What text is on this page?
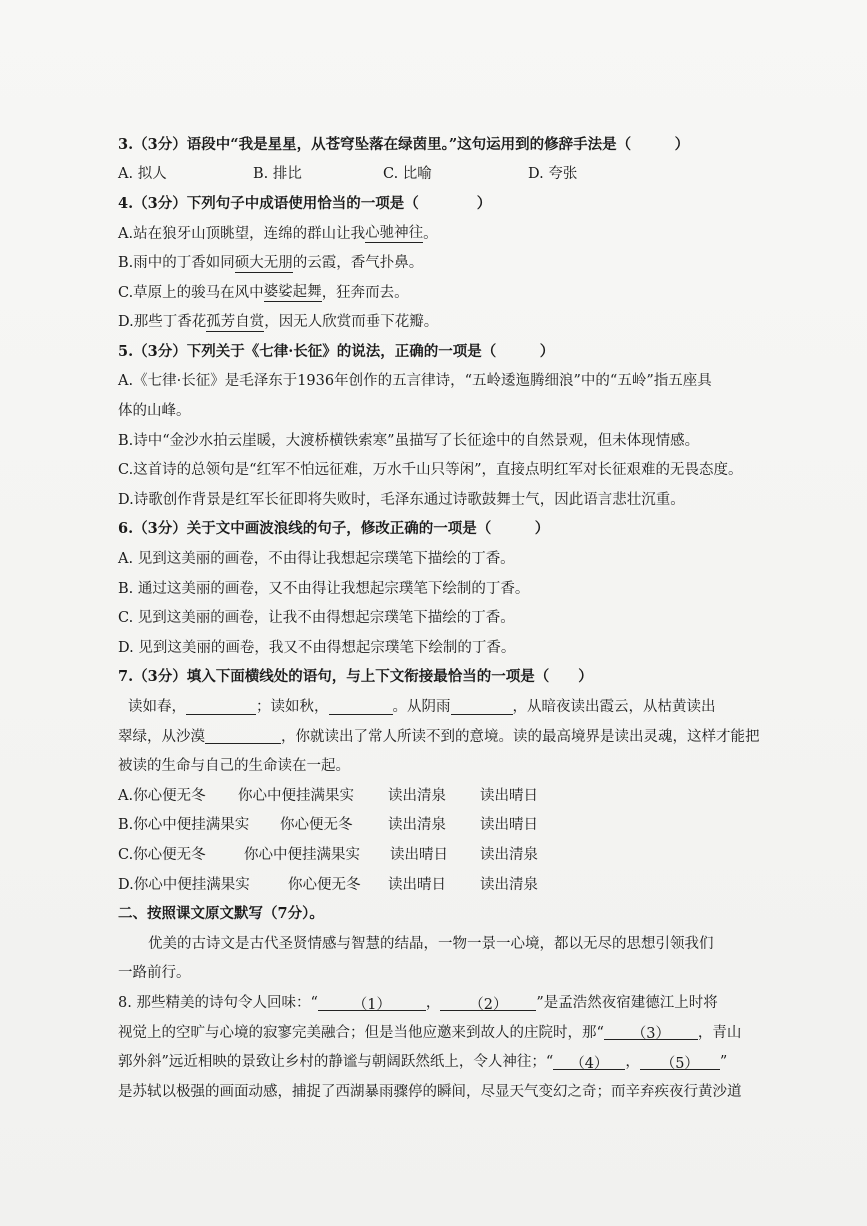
3.（3分）语段中“我是星星，从苍穹坠落在绿茵里。”这句运用到的修辞手法是（　　　）
A. 拟人	B. 排比	C. 比喻	D. 夸张
4.（3分）下列句子中成语使用恰当的一项是（　　　　）
A.站在狼牙山顶眺望，连绵的群山让我 心驰神往 。
B.雨中的丁香如同 硕大无朋 的云霞，香气扑鼻。
C.草原上的骏马在风中 婆娑起舞 ，狂奔而去。
D.那些丁香花 孤芳自赏 ，因无人欣赏而垂下花瓣。
5.（3分）下列关于《七律·长征》的说法，正确的一项是（　　　）
A.《七律·长征》是毛泽东于1936年创作的五言律诗，“五岭逶迤腾细浪”中的“五岭”指五座具
体的山峰。
B.诗中“金沙水拍云崖暖，大渡桥横铁索寒”虽描写了长征途中的自然景观，但未体现情感。
C.这首诗的总领句是“红军不怕远征难，万水千山只等闲”，直接点明红军对长征艰难的无畏态度。
D.诗歌创作背景是红军长征即将失败时，毛泽东通过诗歌鼓舞士气，因此语言悲壮沉重。
6.（3分）关于文中画波浪线的句子，修改正确的一项是（　　　）
A. 见到这美丽的画卷，不由得让我想起宗璞笔下描绘的丁香。
B. 通过这美丽的画卷，又不由得让我想起宗璞笔下绘制的丁香。
C. 见到这美丽的画卷，让我不由得想起宗璞笔下描绘的丁香。
D. 见到这美丽的画卷，我又不由得想起宗璞笔下绘制的丁香。
7.（3分）填入下面横线处的语句，与上下文衔接最恰当的一项是（　　）
读如春，	；读如秋，	。从阴雨	，从暗夜读出霞云，从枯黄读出
翠绿，从沙漠	，你就读出了常人所读不到的意境。读的最高境界是读出灵魂，这样才能把
被读的生命与自己的生命读在一起。
A.你心便无冬	你心中便挂满果实	读出清泉	读出晴日
B.你心中便挂满果实	你心便无冬	读出清泉	读出晴日
C.你心便无冬	你心中便挂满果实	读出晴日	读出清泉
D.你心中便挂满果实	你心便无冬	读出晴日	读出清泉
二、按照课文原文默写（7分）。
优美的古诗文是古代圣贤情感与智慧的结晶，一物一景一心境，都以无尽的思想引领我们
一路前行。
8. 那些精美的诗句令人回味：“	（1）	，	（2）	”是孟浩然夜宿建德江上时将
视觉上的空旷与心境的寂寥完美融合；但是当他应邀来到故人的庄院时，那“	（3）	，青山
郭外斜”远近相映的景致让乡村的静谧与朝阔跃然纸上，令人神往；“	（4）	，	（5）	”
是苏轼以极强的画面动感，捕捉了西湖暴雨骤停的瞬间，尽显天气变幻之奇；而辛弃疾夜行黄沙道
